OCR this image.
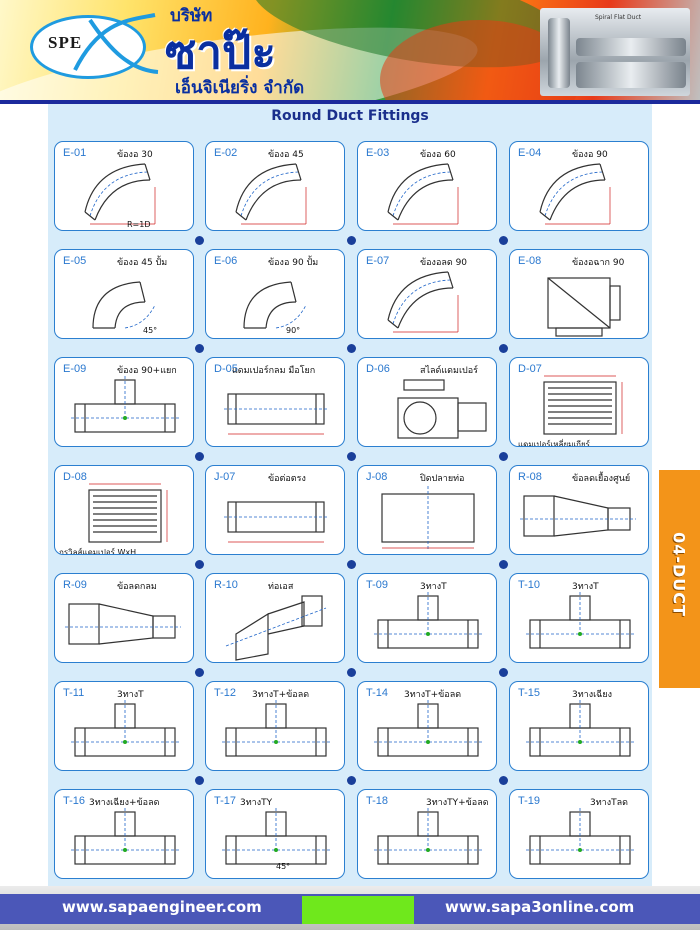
SPE
บริษัท
ซาป๊ะ
เอ็นจิเนียริ่ง จำกัด
Spiral Flat Duct
Round Duct Fittings
E-01	ข้องอ 30
R=1D
E-02	ข้องอ 45	E-03	ข้องอ 60	E-04	ข้องอ 90
E-05	ข้องอ 45 ปั้ม
45°
E-06	ข้องอ 90 ปั้ม
90°
E-07	ข้องอลด 90	E-08	ข้องอฉาก 90
E-09	ข้องอ 90+แยก	D-05
แดมเปอร์กลม มือโยก	D-06	สไลด์แดมเปอร์	D-07
แดมเปอร์เหลี่ยมเกียร์
D-08
กรวิลส์แดมเปอร์ WxH
J-07	ข้อต่อตรง	J-08	ปิดปลายท่อ	R-08	ข้อลดเยื้องศูนย์
R-09	ข้อลดกลม	R-10	ท่อเอส	T-09	3ทางT	T-10	3ทางT
T-11	3ทางT	T-12 3ทางT+ข้อลด	T-14 3ทางT+ข้อลด	T-15	3ทางเฉียง
T-16 3ทางเฉียง+ข้อลด	T-17 3ทางTY
45°
T-18	3ทางTY+ข้อลด	T-19	3ทางTลด
04-DUCT
www.sapaengineer.com	www.sapa3online.com
